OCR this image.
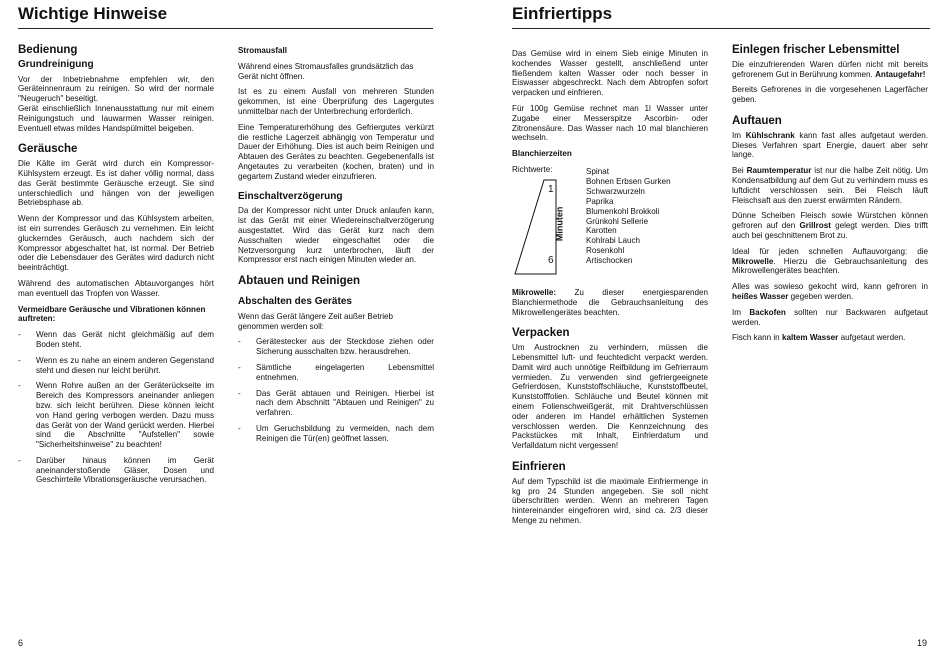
Wichtige Hinweise
Bedienung
Grundreinigung

Vor der Inbetriebnahme empfehlen wir, den Geräteinnenraum zu reinigen. So wird der normale "Neugeruch" beseitigt.
Gerät einschließlich Innenausstattung nur mit einem Reinigungstuch und lauwarmen Wasser reinigen. Eventuell etwas mildes Handspülmittel beigeben.

Geräusche

Die Kälte im Gerät wird durch ein Kompressor-Kühlsystem erzeugt. Es ist daher völlig normal, dass das Gerät bestimmte Geräusche erzeugt. Sie sind unterschiedlich und hängen von der jeweiligen Betriebsphase ab.

Wenn der Kompressor und das Kühlsystem arbeiten, ist ein surrendes Geräusch zu vernehmen. Ein leicht gluckerndes Geräusch, auch nachdem sich der Kompressor abgeschaltet hat, ist normal. Der Betrieb oder die Lebensdauer des Gerätes wird dadurch nicht beeinträchtigt.

Während des automatischen Abtauvorganges hört man eventuell das Tropfen von Wasser.

Vermeidbare Geräusche und Vibrationen können auftreten:

- Wenn das Gerät nicht gleichmäßig auf dem Boden steht.
- Wenn es zu nahe an einem anderen Gegenstand steht und diesen nur leicht berührt.
- Wenn Rohre außen an der Geräterückseite im Bereich des Kompressors aneinander anliegen bzw. sich leicht berühren. Diese können leicht von Hand gering verbogen werden. Dazu muss das Gerät von der Wand gerückt werden. Hierbei sind die Abschnitte "Aufstellen" sowie "Sicherheitshinweise" zu beachten!
- Darüber hinaus können im Gerät aneinanderstoßende Gläser, Dosen und Geschirrteile Vibrationsgeräusche verursachen.

Stromausfall

Während eines Stromausfalles grundsätzlich das Gerät nicht öffnen.

Ist es zu einem Ausfall von mehreren Stunden gekommen, ist eine Überprüfung des Lagergutes unmittelbar nach der Unterbrechung erforderlich.

Eine Temperaturerhöhung des Gefriergutes verkürzt die restliche Lagerzeit abhängig von Temperatur und Dauer der Erhöhung. Dies ist auch beim Reinigen und Abtauen des Gerätes zu beachten. Gegebenenfalls ist Angetautes zu verarbeiten (kochen, braten) und in gegartem Zustand wieder einzufrieren.

Einschaltverzögerung

Da der Kompressor nicht unter Druck anlaufen kann, ist das Gerät mit einer Wiedereinschaltverzögerung ausgestattet. Wird das Gerät kurz nach dem Ausschalten wieder eingeschaltet oder die Netzversorgung kurz unterbrochen, läuft der Kompressor erst nach einigen Minuten wieder an.

Abtauen und Reinigen
Abschalten des Gerätes

Wenn das Gerät längere Zeit außer Betrieb genommen werden soll:

- Gerätestecker aus der Steckdose ziehen oder Sicherung ausschalten bzw. herausdrehen.
- Sämtliche eingelagerten Lebensmittel entnehmen.
- Das Gerät abtauen und Reinigen. Hierbei ist nach dem Abschnitt "Abtauen und Reinigen" zu verfahren.
- Um Geruchsbildung zu vermeiden, nach dem Reinigen die Tür(en) geöffnet lassen.
6
Einfriertipps

Das Gemüse wird in einem Sieb einige Minuten in kochendes Wasser gestellt, anschließend unter fließendem kalten Wasser oder noch besser in Eiswasser abgeschreckt. Nach dem Abtropfen sofort verpacken und einfrieren.

Für 100g Gemüse rechnet man 1l Wasser unter Zugabe einer Messerspitze Ascorbin- oder Zitronensäure. Das Wasser nach 10 mal blanchieren wechseln.

Blanchierzeiten

Richtwerte:
1
Minuten
6
Spinat
Bohnen Erbsen Gurken
Schwarzwurzeln
Paprika
Blumenkohl Brokkoli
Grünkohl Sellerie
Karotten
Kohlrabi Lauch
Rosenkohl
Artischocken

Mikrowelle: Zu dieser energiesparenden Blanchiermethode die Gebrauchsanleitung des Mikrowellengerätes beachten.

Verpacken

Um Austrocknen zu verhindern, müssen die Lebensmittel luft- und feuchtedicht verpackt werden. Damit wird auch unnötige Reifbildung im Gefrierraum vermieden. Zu verwenden sind gefriergeeignete Gefrierdosen, Kunststoffschläuche, Kunststoffbeutel, Kunststofffolien. Schläuche und Beutel können mit einem Folienschweißgerät, mit Drahtverschlüssen oder anderen im Handel erhältlichen Systemen verschlossen werden. Die Kennzeichnung des Packstückes mit Inhalt, Einfrierdatum und Verfalldatum nicht vergessen!

Einfrieren

Auf dem Typschild ist die maximale Einfriermenge in kg pro 24 Stunden angegeben. Sie soll nicht überschritten werden. Wenn an mehreren Tagen hintereinander eingefroren wird, sind ca. 2/3 dieser Menge zu nehmen.

Einlegen frischer Lebensmittel

Die einzufrierenden Waren dürfen nicht mit bereits gefrorenem Gut in Berührung kommen. Antaugefahr!

Bereits Gefrorenes in die vorgesehenen Lagerfächer geben.

Auftauen

Im Kühlschrank kann fast alles aufgetaut werden. Dieses Verfahren spart Energie, dauert aber sehr lange.

Bei Raumtemperatur ist nur die halbe Zeit nötig. Um Kondensatbildung auf dem Gut zu verhindern muss es luftdicht verschlossen sein. Bei Fleisch läuft Fleischsaft aus den zuerst erwärmten Rändern.

Dünne Scheiben Fleisch sowie Würstchen können gefroren auf den Grillrost gelegt werden. Dies trifft auch bei geschnittenem Brot zu.

Ideal für jeden schnellen Auftauvorgang: die Mikrowelle. Hierzu die Gebrauchsanleitung des Mikrowellengerätes beachten.

Alles was sowieso gekocht wird, kann gefroren in heißes Wasser gegeben werden.

Im Backofen sollten nur Backwaren aufgetaut werden.

Fisch kann in kaltem Wasser aufgetaut werden.

19
